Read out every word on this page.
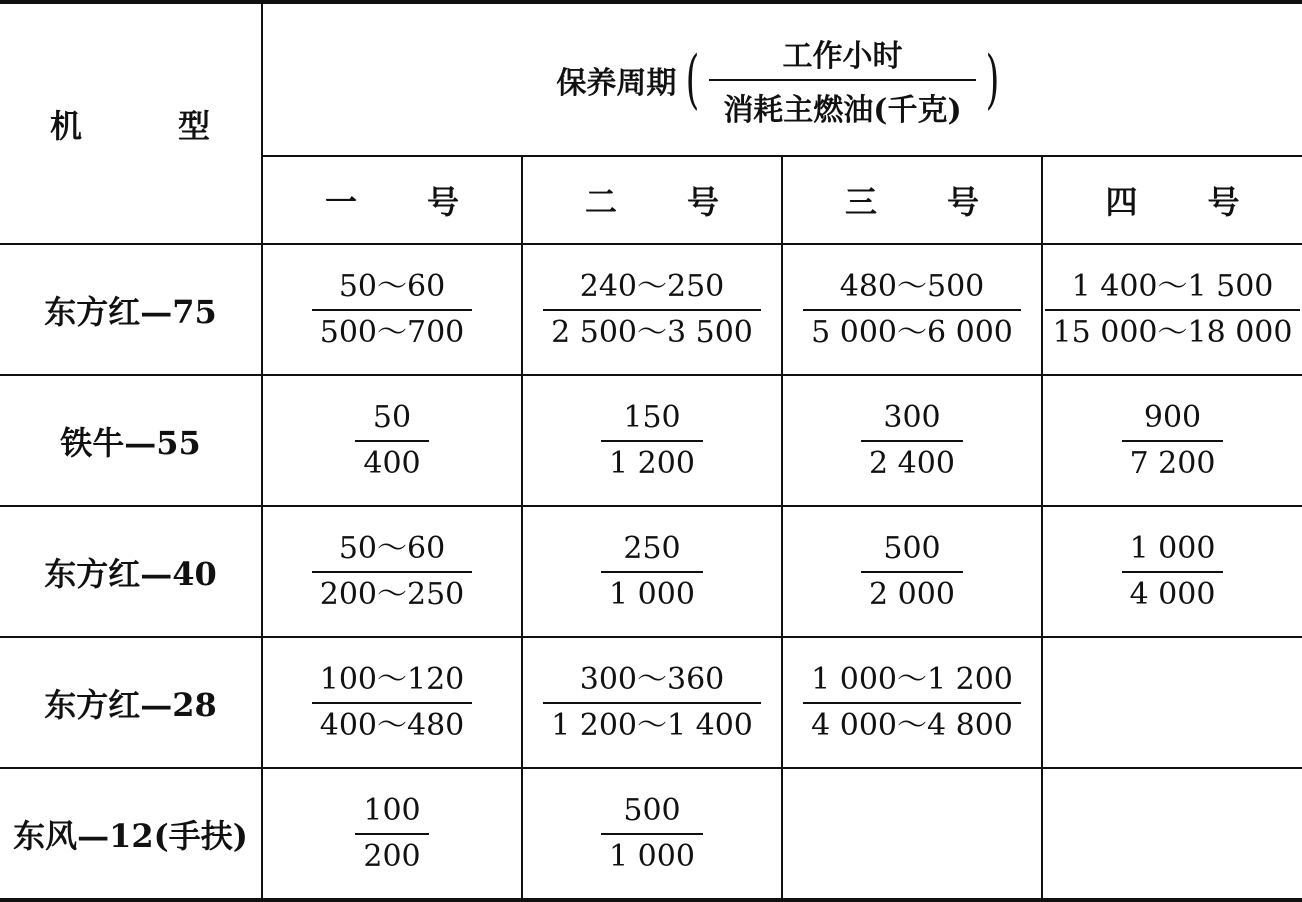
机 型	保养周期 ( $\frac{\text{工作小时}}{\text{消耗主燃油(千克)}}$ )			

	一 号	二 号	三 号	四 号
东方红—75	$\frac{50\sim 60}{500\sim 700}$	$\frac{240\sim 250}{2 500\sim 3 500}$	$\frac{480\sim 500}{5 000\sim 6 000}$	$\frac{1 400\sim 1 500}{15 000\sim 18 000}$

铁牛—55	$\frac{50}{400}$	$\frac{150}{1 200}$	$\frac{300}{2 400}$	$\frac{900}{7 200}$

东方红—40	$\frac{50\sim 60}{200\sim 250}$	$\frac{250}{1 000}$	$\frac{500}{2 000}$	$\frac{1 000}{4 000}$

东方红—28	$\frac{100\sim 120}{400\sim 480}$	$\frac{300\sim 360}{1 200\sim 1 400}$	$\frac{1 000\sim 1 200}{4 000\sim 4 800}$

东风—12(手扶)	$\frac{100}{200}$	$\frac{500}{1 000}$
